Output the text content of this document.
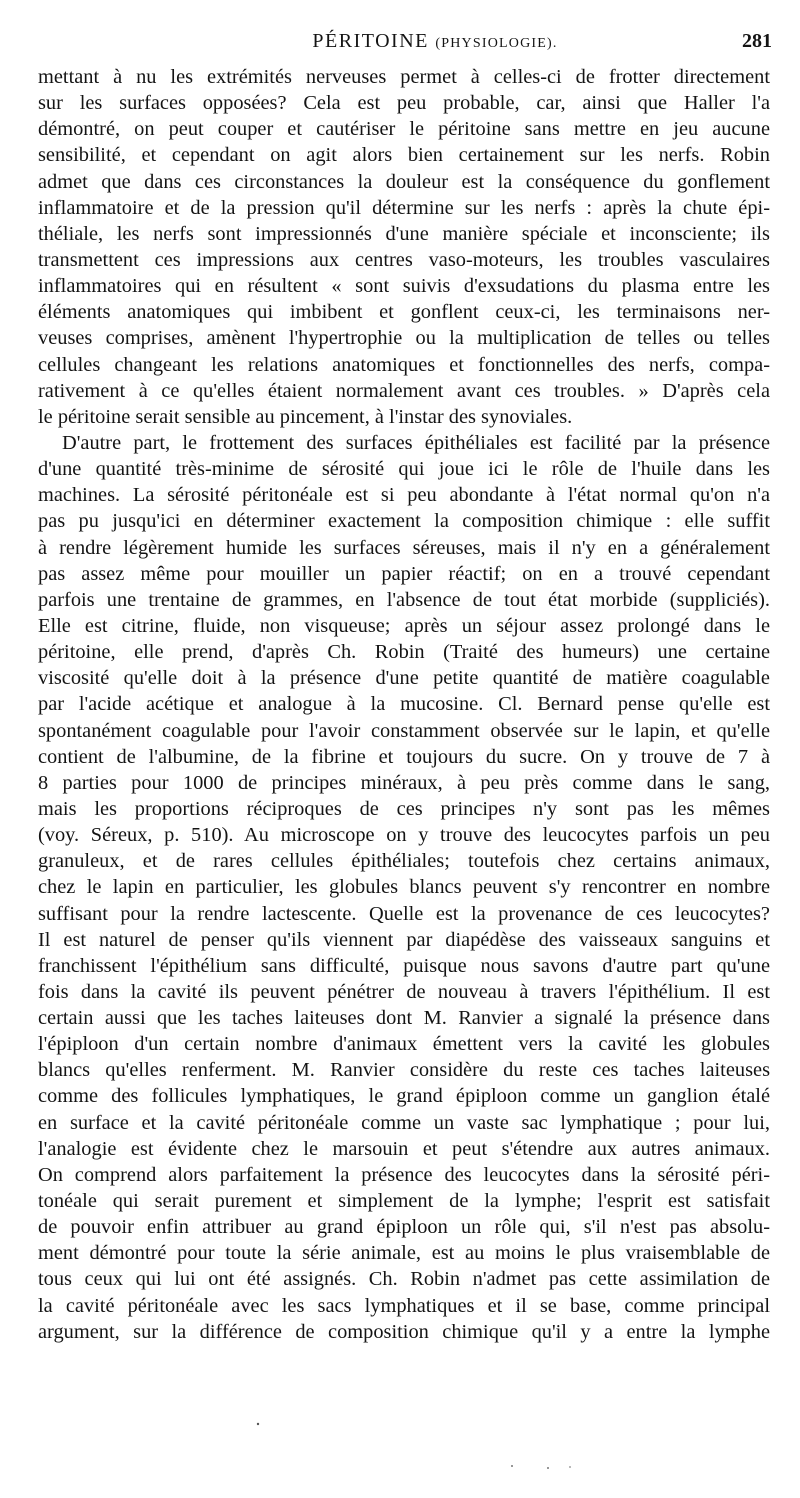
PÉRITOINE (PHYSIOLOGIE).	281
mettant à nu les extrémités nerveuses permet à celles-ci de frotter directement
sur les surfaces opposées? Cela est peu probable, car, ainsi que Haller l'a
démontré, on peut couper et cautériser le péritoine sans mettre en jeu aucune
sensibilité, et cependant on agit alors bien certainement sur les nerfs. Robin
admet que dans ces circonstances la douleur est la conséquence du gonflement
inflammatoire et de la pression qu'il détermine sur les nerfs : après la chute épi-
théliale, les nerfs sont impressionnés d'une manière spéciale et inconsciente; ils
transmettent ces impressions aux centres vaso-moteurs, les troubles vasculaires
inflammatoires qui en résultent « sont suivis d'exsudations du plasma entre les
éléments anatomiques qui imbibent et gonflent ceux-ci, les terminaisons ner-
veuses comprises, amènent l'hypertrophie ou la multiplication de telles ou telles
cellules changeant les relations anatomiques et fonctionnelles des nerfs, compa-
rativement à ce qu'elles étaient normalement avant ces troubles. » D'après cela
le péritoine serait sensible au pincement, à l'instar des synoviales.
D'autre part, le frottement des surfaces épithéliales est facilité par la présence
d'une quantité très-minime de sérosité qui joue ici le rôle de l'huile dans les
machines. La sérosité péritonéale est si peu abondante à l'état normal qu'on n'a
pas pu jusqu'ici en déterminer exactement la composition chimique : elle suffit
à rendre légèrement humide les surfaces séreuses, mais il n'y en a généralement
pas assez même pour mouiller un papier réactif; on en a trouvé cependant
parfois une trentaine de grammes, en l'absence de tout état morbide (suppliciés).
Elle est citrine, fluide, non visqueuse; après un séjour assez prolongé dans le
péritoine, elle prend, d'après Ch. Robin (Traité des humeurs) une certaine
viscosité qu'elle doit à la présence d'une petite quantité de matière coagulable
par l'acide acétique et analogue à la mucosine. Cl. Bernard pense qu'elle est
spontanément coagulable pour l'avoir constamment observée sur le lapin, et qu'elle
contient de l'albumine, de la fibrine et toujours du sucre. On y trouve de 7 à
8 parties pour 1000 de principes minéraux, à peu près comme dans le sang,
mais les proportions réciproques de ces principes n'y sont pas les mêmes
(voy. Séreux, p. 510). Au microscope on y trouve des leucocytes parfois un peu
granuleux, et de rares cellules épithéliales; toutefois chez certains animaux,
chez le lapin en particulier, les globules blancs peuvent s'y rencontrer en nombre
suffisant pour la rendre lactescente. Quelle est la provenance de ces leucocytes?
Il est naturel de penser qu'ils viennent par diapédèse des vaisseaux sanguins et
franchissent l'épithélium sans difficulté, puisque nous savons d'autre part qu'une
fois dans la cavité ils peuvent pénétrer de nouveau à travers l'épithélium. Il est
certain aussi que les taches laiteuses dont M. Ranvier a signalé la présence dans
l'épiploon d'un certain nombre d'animaux émettent vers la cavité les globules
blancs qu'elles renferment. M. Ranvier considère du reste ces taches laiteuses
comme des follicules lymphatiques, le grand épiploon comme un ganglion étalé
en surface et la cavité péritonéale comme un vaste sac lymphatique ; pour lui,
l'analogie est évidente chez le marsouin et peut s'étendre aux autres animaux.
On comprend alors parfaitement la présence des leucocytes dans la sérosité péri-
tonéale qui serait purement et simplement de la lymphe; l'esprit est satisfait
de pouvoir enfin attribuer au grand épiploon un rôle qui, s'il n'est pas absolu-
ment démontré pour toute la série animale, est au moins le plus vraisemblable de
tous ceux qui lui ont été assignés. Ch. Robin n'admet pas cette assimilation de
la cavité péritonéale avec les sacs lymphatiques et il se base, comme principal
argument, sur la différence de composition chimique qu'il y a entre la lymphe
